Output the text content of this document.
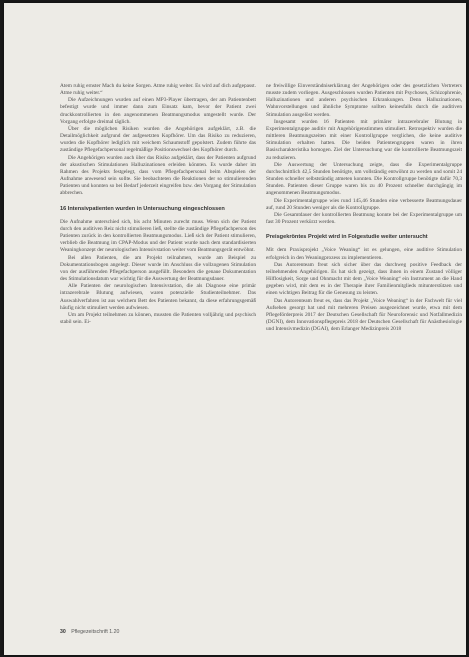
Atem ruhig ernster Mach du keine Sorgen. Atme ruhig weiter. Es wird auf dich aufgepasst. Atme ruhig weiter.“

Die Aufzeichnungen wurden auf einen MP3-Player übertragen, der am Patientenbett befestigt wurde und immer dann zum Einsatz kam, bevor der Patient zwei druckkontrollierten in den angenommenen Beatmungsmodus umgestellt wurde. Der Vorgang erfolgte dreimal täglich.

Über die möglichen Risiken wurden die Angehörigen aufgeklärt, z.B. die Detailmöglichkeit aufgrund der aufgesetzten Kopfhörer. Um das Risiko zu reduzieren, wurden die Kopfhörer lediglich mit weichem Schaumstoff gepolstert. Zudem führte das zuständige Pflegefachpersonal regelmäßige Positionswechsel des Kopfhörer durch.

Die Angehörigen wurden auch über das Risiko aufgeklärt, dass der Patienten aufgrund der akustischen Stimulationen Halluzinationen erleiden könnten. Es wurde daher im Rahmen des Projekts festgelegt, dass vom Pflegefachpersonal beim Abspielen der Aufnahme anwesend sein sollte. Sie beobachteten die Reaktionen der so stimulierenden Patienten und konnten so bei Bedarf jederzeit eingreifen bzw. den Vorgang der Stimulation abbrechen.

16 Intensivpatienten wurden in Untersuchung eingeschlossen

Die Aufnahme unterschied sich, bis acht Minuten zurecht muss. Wenn sich der Patient durch den auditiven Reiz nicht stimulieren ließ, stellte die zuständige Pflegefachperson des Patienten zurück in den kontrollierten Beatmungsmodus. Ließ sich der Patient stimulieren, verblieb die Beatmung im CPAP-Modus und der Patient wurde nach dem standardisierten Weaningkonzept der neurologischen Intensivstation weiter vom Beatmungsgerät entwöhnt.

Bei allen Patienten, die am Projekt teilnahmen, wurde am Beispiel zu Dokumentationsbogen angelegt. Dieser wurde im Anschluss die vollzogenen Stimulation von der ausführenden Pflegefachperson ausgefüllt. Besonders die genaue Dokumentation des Stimulationsdatum war wichtig für die Auswertung der Beatmungsdauer.

Alle Patienten der neurologischen Intensivstation, die als Diagnose eine primär intrazerebrale Blutung aufwiesen, waren potenzielle Studienteilnehmer. Das Auswahlverfahren ist aus welchem Bett des Patienten bekannt, da diese erfahrungsgemäß häufig nicht stimuliert werden aufwiesen.

Um am Projekt teilnehmen zu können, mussten die Patienten volljährig und psychisch stabil sein. Ei-

ne freiwillige Einverständniserklärung der Angehörigen oder des gesetzlichen Vertreters musste zudem vorliegen. Ausgeschlossen wurden Patienten mit Psychosen, Schizophrenie, Halluzinationen und anderen psychischen Erkrankungen. Denn Halluzinationen, Wahnvorstellungen und ähnliche Symptome sollten keinesfalls durch die auditiven Stimulation ausgelöst werden.

Insgesamt wurden 16 Patienten mit primärer intrazerebraler Blutung in Experimentalgruppe auditiv mit Angehörigenstimmen stimuliert. Retrospektiv wurden die mittleren Beatmungszeiten mit einer Kontrollgruppe verglichen, die keine auditive Stimulation erhalten hatten. Die beiden Patientengruppen waren in ihren Basischarakteristika homogen. Ziel der Untersuchung war die kontrollierte Beatmungszeit zu reduzieren.

Die Auswertung der Untersuchung zeigte, dass die Experimentalgruppe durchschnittlich 42,5 Stunden benötigte, um vollständig entwöhnt zu werden und somit 24 Stunden schneller selbstständig atmeten konnten. Die Kontrollgruppe benötigte dafür 70,3 Stunden. Patienten dieser Gruppe waren bis zu 40 Prozent schneller durchgängig im angenommenen Beatmungsmodus.

Die Experimentalgruppe wies rund 145,46 Stunden eine verbesserte Beatmungsdauer auf, rund 20 Stunden weniger als die Kontrollgruppe.

Die Gesamtdauer der kontrollierten Beatmung konnte bei der Experimentalgruppe um fast 30 Prozent verkürzt werden.

Preisgekröntes Projekt wird in Folgestudie weiter untersucht

Mit dem Praxisprojekt „Voice Weaning“ ist es gelungen, eine auditive Stimulation erfolgreich in den Weaningprozess zu implementieren.

Das Autorenteam freut sich sicher über das durchweg positive Feedback der teilnehmenden Angehörigen. Es hat sich gezeigt, dass ihnen in einem Zustand völliger Hilflosigkeit, Sorge und Ohnmacht mit dem „Voice Weaning“ ein Instrument an die Hand gegeben wird, mit dem es in der Therapie ihrer Familienmitglieds mitunterstützen und einen wichtigen Beitrag für die Genesung zu leisten.

Das Autorenteam freut es, dass das Projekt „Voice Weaning“ in der Fachwelt für viel Aufsehen gesorgt hat und mit mehreren Preisen ausgezeichnet wurde, etwa mit dem Pflegeförderpreis 2017 der Deutschen Gesellschaft für Neuroforensic und Notfallmedizin (DGNI), dem Innovationspflegepreis 2018 der Deutschen Gesellschaft für Anästhesiologie und Intensivmedizin (DGAI), dem Erlanger Medizinpreis 2018

30 Pflegezeitschrift 1.20
